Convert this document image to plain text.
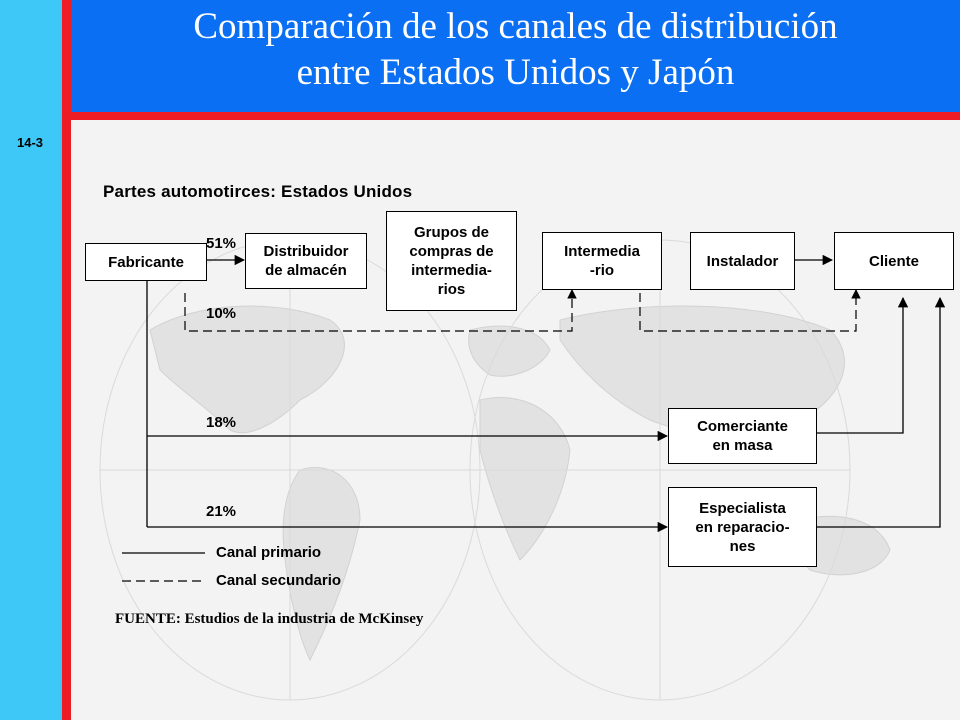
Comparación de los canales de distribución
entre Estados Unidos y Japón
14-3
Partes automotirces: Estados Unidos
Fabricante
Distribuidor
de almacén
Grupos de
compras de
intermedia-
rios
Intermedia
-rio
Instalador	Cliente
Comerciante
en masa
Especialista
en reparacio-
nes
51%
10%
18%
21%
Canal primario
Canal secundario
FUENTE: Estudios de la industria de McKinsey
